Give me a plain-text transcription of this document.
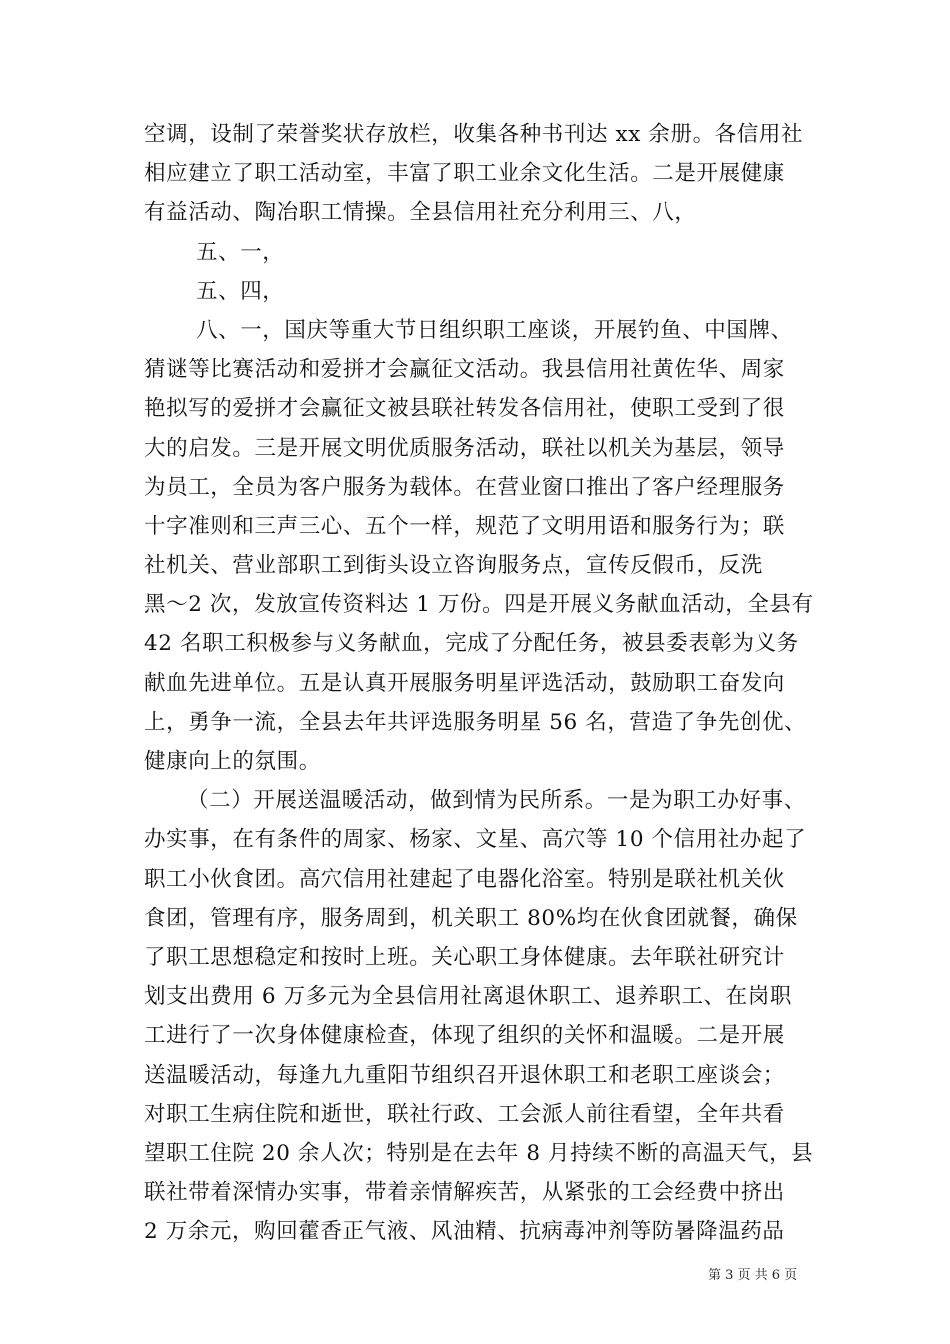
空调，设制了荣誉奖状存放栏，收集各种书刊达 xx 余册。各信用社
相应建立了职工活动室，丰富了职工业余文化生活。二是开展健康
有益活动、陶冶职工情操。全县信用社充分利用三、八，
五、一，
五、四，
八、一，国庆等重大节日组织职工座谈，开展钓鱼、中国牌、
猜谜等比赛活动和爱拼才会赢征文活动。我县信用社黄佐华、周家
艳拟写的爱拼才会赢征文被县联社转发各信用社，使职工受到了很
大的启发。三是开展文明优质服务活动，联社以机关为基层，领导
为员工，全员为客户服务为载体。在营业窗口推出了客户经理服务
十字准则和三声三心、五个一样，规范了文明用语和服务行为；联
社机关、营业部职工到街头设立咨询服务点，宣传反假币，反洗
黑～2 次，发放宣传资料达 1 万份。四是开展义务献血活动，全县有
42 名职工积极参与义务献血，完成了分配任务，被县委表彰为义务
献血先进单位。五是认真开展服务明星评选活动，鼓励职工奋发向
上，勇争一流，全县去年共评选服务明星 56 名，营造了争先创优、
健康向上的氛围。
（二）开展送温暖活动，做到情为民所系。一是为职工办好事、
办实事，在有条件的周家、杨家、文星、高穴等 10 个信用社办起了
职工小伙食团。高穴信用社建起了电器化浴室。特别是联社机关伙
食团，管理有序，服务周到，机关职工 80%均在伙食团就餐，确保
了职工思想稳定和按时上班。关心职工身体健康。去年联社研究计
划支出费用 6 万多元为全县信用社离退休职工、退养职工、在岗职
工进行了一次身体健康检查，体现了组织的关怀和温暖。二是开展
送温暖活动，每逢九九重阳节组织召开退休职工和老职工座谈会；
对职工生病住院和逝世，联社行政、工会派人前往看望，全年共看
望职工住院 20 余人次；特别是在去年 8 月持续不断的高温天气，县
联社带着深情办实事，带着亲情解疾苦，从紧张的工会经费中挤出
2 万余元，购回藿香正气液、风油精、抗病毒冲剂等防暑降温药品
第 3 页 共 6 页
